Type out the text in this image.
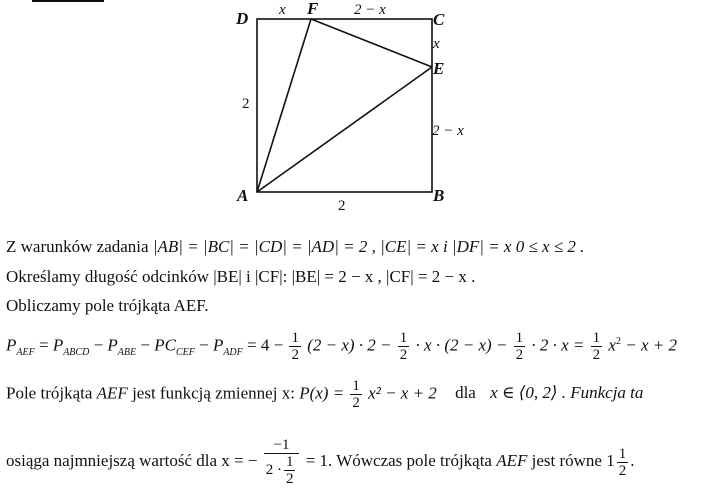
D
F
C
E
A	B
x	2 − x
x
2 − x
2
2
Z warunków zadania |AB| = |BC| = |CD| = |AD| = 2 , |CE| = x i |DF| = x 0 ≤ x ≤ 2 .
Określamy długość odcinków |BE| i |CF|: |BE| = 2 − x , |CF| = 2 − x .
Obliczamy pole trójkąta AEF.
$P_{AEF} = P_{ABCD} - P_{ABE} - PC_{CEF} - P_{ADF} = 4 - \frac{1}{2} (2 - x) \cdot 2 - \frac{1}{2} \cdot x \cdot (2 - x) - \frac{1}{2} \cdot 2 \cdot x = \frac{1}{2} x^2 - x + 2$
Pole trójkąta AEF jest funkcją zmiennej x: $P(x) = \frac{1}{2} x^2 - x + 2$ dla x ∈ ⟨0, 2⟩ . Funkcja ta
osiąga najmniejszą wartość dla x = − $\frac{-1}{2 \cdot \frac{1}{2}} = 1$. Wówczas pole trójkąta AEF jest równe $1 \frac{1}{2}$ .
